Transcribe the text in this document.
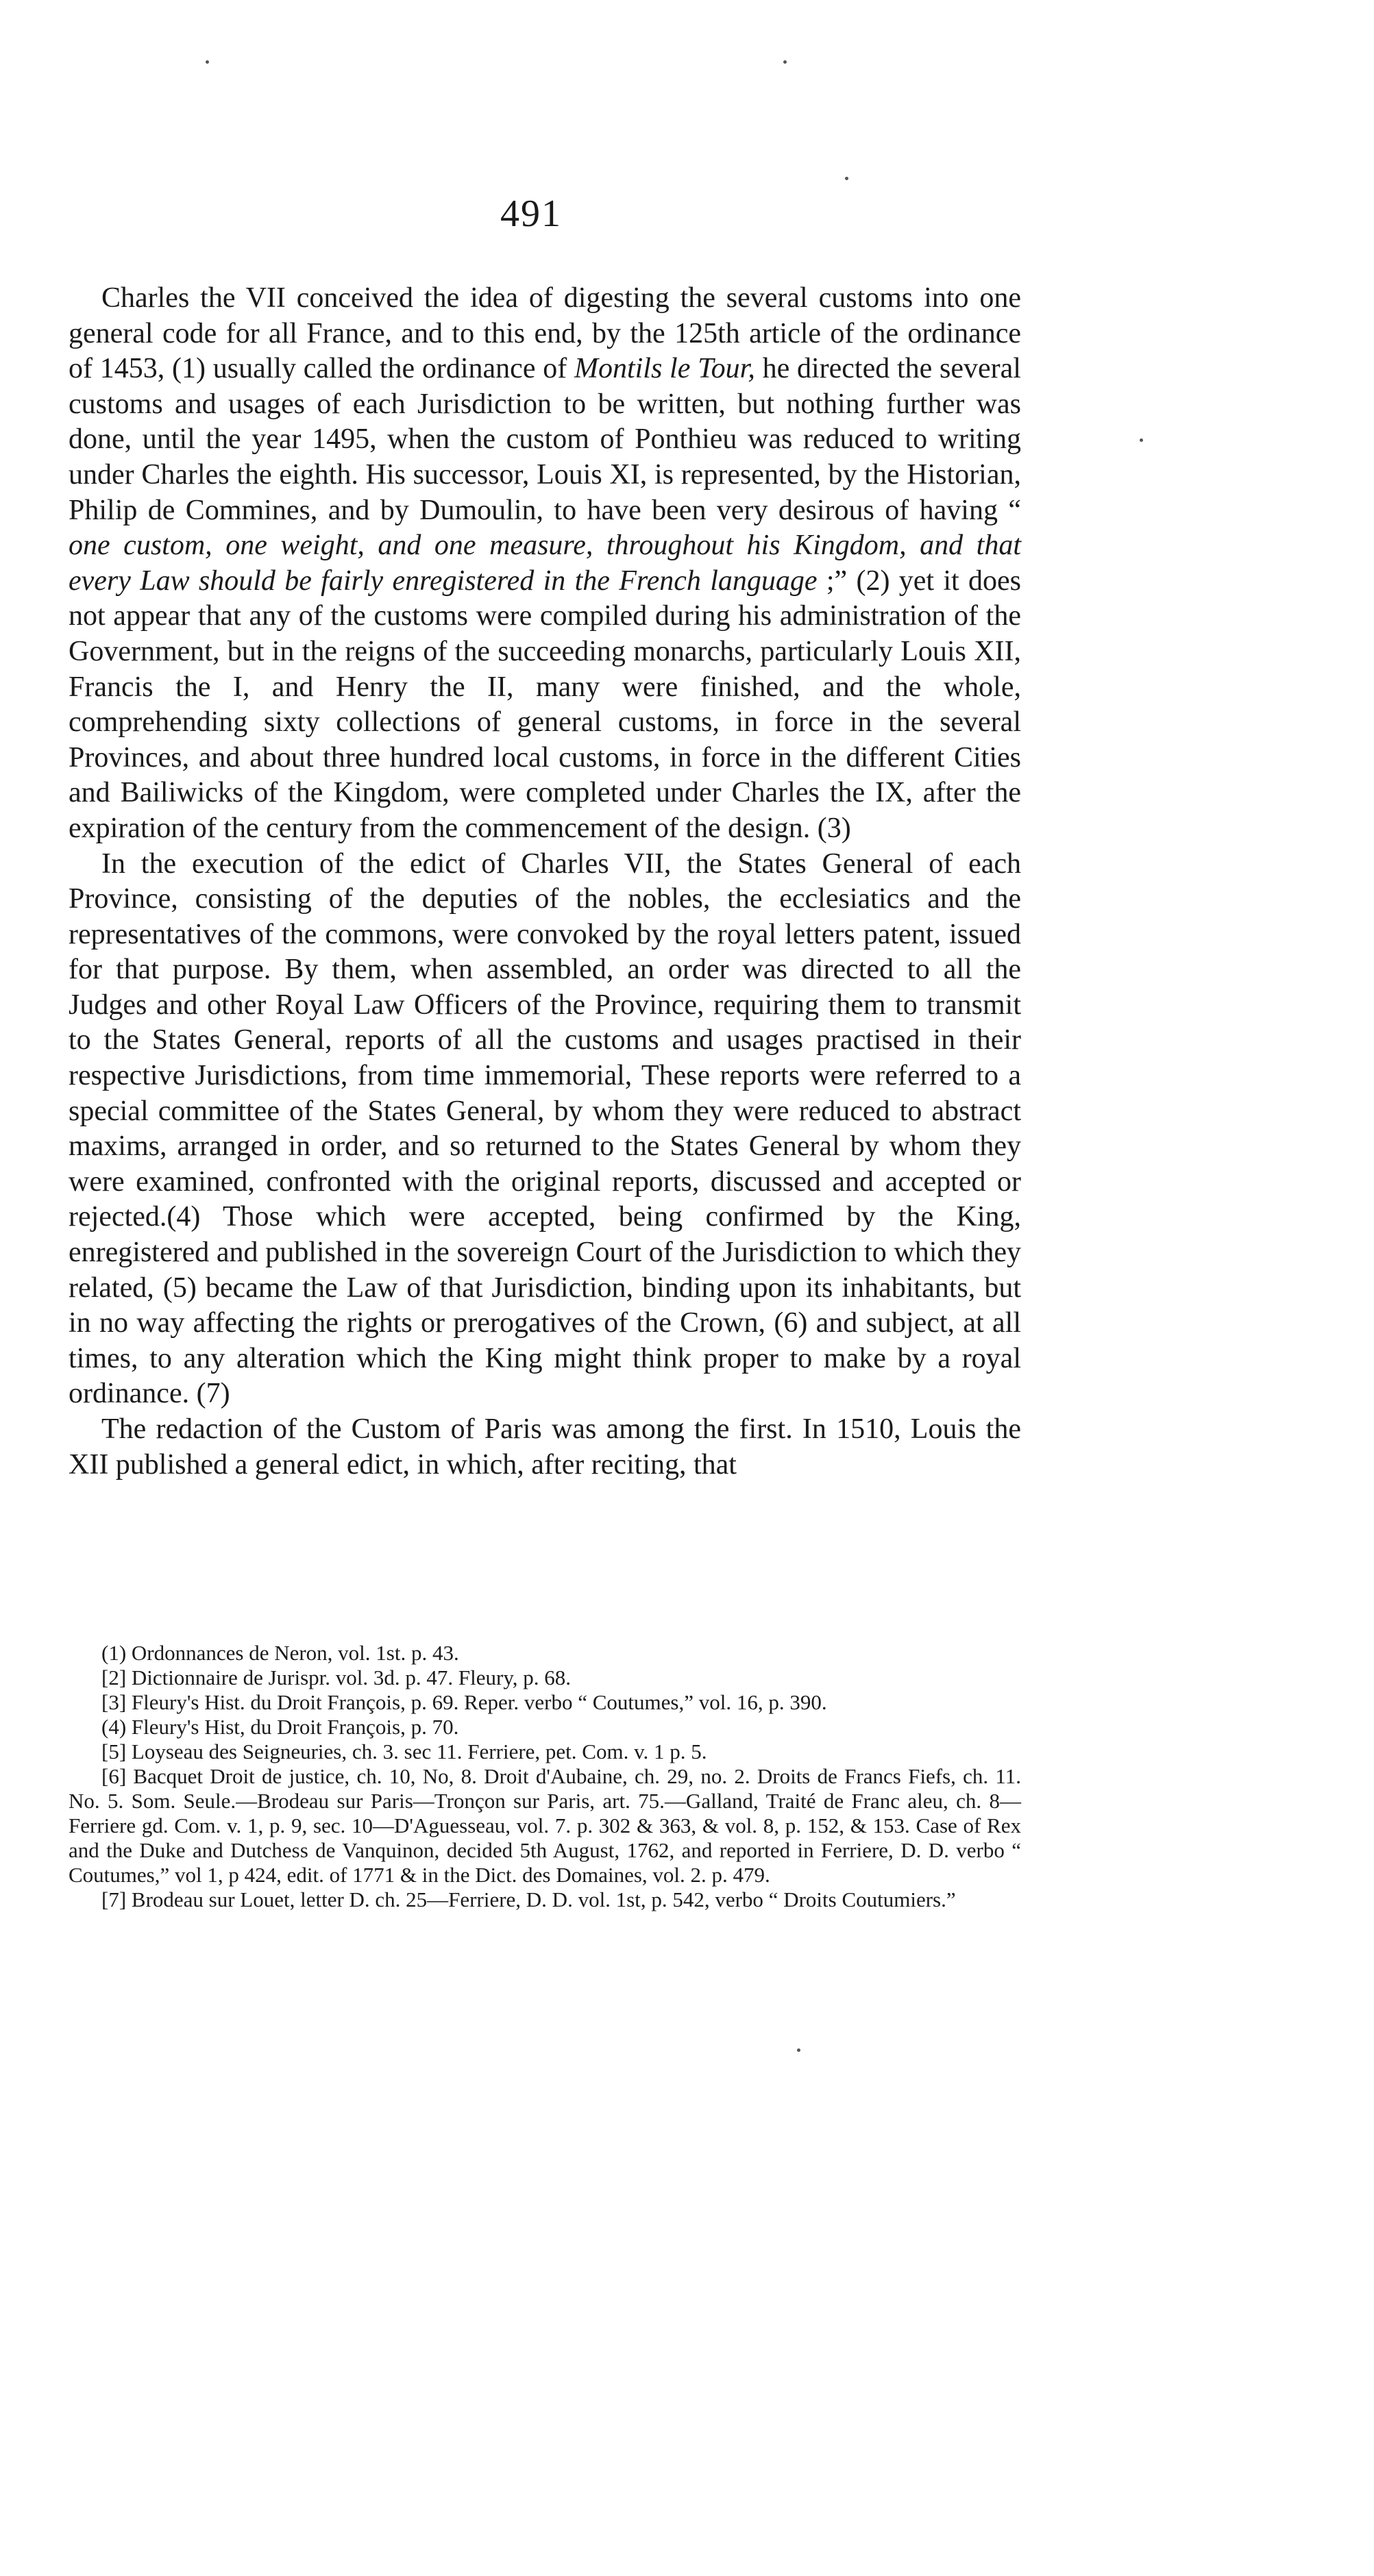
491

Charles the VII conceived the idea of digesting the several customs into one general code for all France, and to this end, by the 125th article of the ordinance of 1453, (1) usually called the ordinance of Montils le Tour, he directed the several customs and usages of each Jurisdiction to be written, but nothing further was done, until the year 1495, when the custom of Ponthieu was reduced to writing under Charles the eighth. His successor, Louis XI, is represented, by the Historian, Philip de Commines, and by Dumoulin, to have been very desirous of having “ one custom, one weight, and one measure, throughout his Kingdom, and that every Law should be fairly enregistered in the French language ;” (2) yet it does not appear that any of the customs were compiled during his administration of the Government, but in the reigns of the succeeding monarchs, particularly Louis XII, Francis the I, and Henry the II, many were finished, and the whole, comprehending sixty collections of general customs, in force in the several Provinces, and about three hundred local customs, in force in the different Cities and Bailiwicks of the Kingdom, were completed under Charles the IX, after the expiration of the century from the commencement of the design. (3)

In the execution of the edict of Charles VII, the States General of each Province, consisting of the deputies of the nobles, the ecclesiatics and the representatives of the commons, were convoked by the royal letters patent, issued for that purpose. By them, when assembled, an order was directed to all the Judges and other Royal Law Officers of the Province, requiring them to transmit to the States General, reports of all the customs and usages practised in their respective Jurisdictions, from time immemorial, These reports were referred to a special committee of the States General, by whom they were reduced to abstract maxims, arranged in order, and so returned to the States General by whom they were examined, confronted with the original reports, discussed and accepted or rejected.(4) Those which were accepted, being confirmed by the King, enregistered and published in the sovereign Court of the Jurisdiction to which they related, (5) became the Law of that Jurisdiction, binding upon its inhabitants, but in no way affecting the rights or prerogatives of the Crown, (6) and subject, at all times, to any alteration which the King might think proper to make by a royal ordinance. (7)

The redaction of the Custom of Paris was among the first. In 1510, Louis the XII published a general edict, in which, after reciting, that

(1) Ordonnances de Neron, vol. 1st. p. 43.

[2] Dictionnaire de Jurispr. vol. 3d. p. 47. Fleury, p. 68.

[3] Fleury's Hist. du Droit François, p. 69. Reper. verbo “ Coutumes,” vol. 16, p. 390.

(4) Fleury's Hist, du Droit François, p. 70.

[5] Loyseau des Seigneuries, ch. 3. sec 11. Ferriere, pet. Com. v. 1 p. 5.

[6] Bacquet Droit de justice, ch. 10, No, 8. Droit d'Aubaine, ch. 29, no. 2. Droits de Francs Fiefs, ch. 11. No. 5. Som. Seule.—Brodeau sur Paris—Tronçon sur Paris, art. 75.—Galland, Traité de Franc aleu, ch. 8—Ferriere gd. Com. v. 1, p. 9, sec. 10—D'Aguesseau, vol. 7. p. 302 & 363, & vol. 8, p. 152, & 153. Case of Rex and the Duke and Dutchess de Vanquinon, decided 5th August, 1762, and reported in Ferriere, D. D. verbo “ Coutumes,” vol 1, p 424, edit. of 1771 & in the Dict. des Domaines, vol. 2. p. 479.

[7] Brodeau sur Louet, letter D. ch. 25—Ferriere, D. D. vol. 1st, p. 542, verbo “ Droits Coutumiers.”
